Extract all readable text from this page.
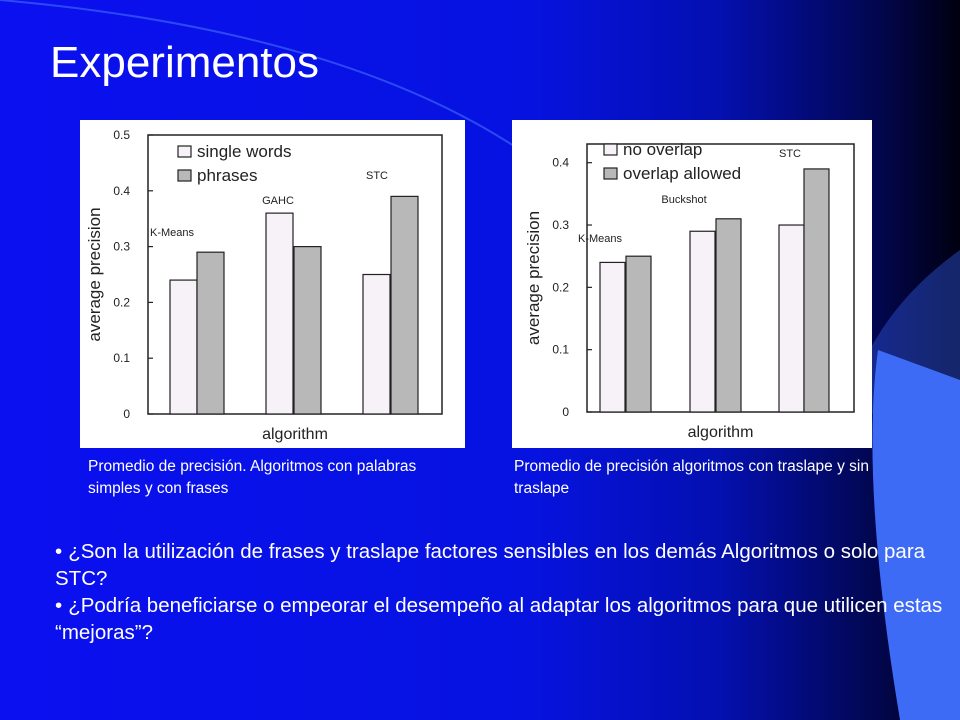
Experimentos
0
0.1
0.2
0.3
0.4
0.5
average precision
algorithm
single words
phrases
K-Means
GAHC
STC
0
0.1
0.2
0.3
0.4
average precision
algorithm
no overlap
overlap allowed
K-Means
Buckshot
STC
Promedio de precisión. Algoritmos con palabras simples y con frases
Promedio de precisión algoritmos con traslape y sin traslape

• ¿Son la utilización de frases y traslape factores sensibles en los demás Algoritmos o solo para STC?

• ¿Podría beneficiarse o empeorar el desempeño al adaptar los algoritmos para que utilicen estas “mejoras”?
